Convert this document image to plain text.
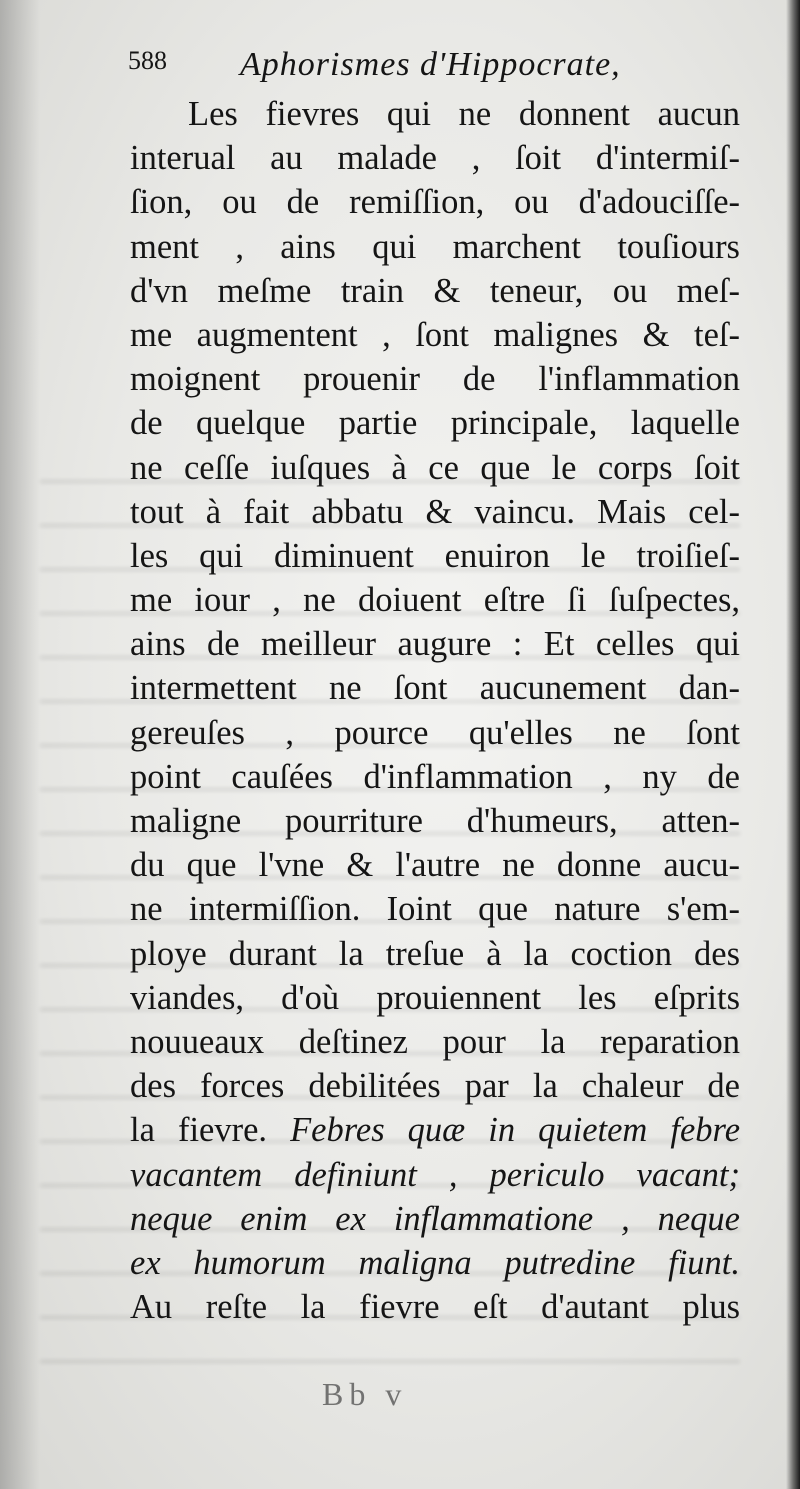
588 Aphorismes d'Hippocrate,
Les fievres qui ne donnent aucun
interual au malade , ſoit d'intermiſ-
ſion, ou de remiſſion, ou d'adouciſſe-
ment , ains qui marchent touſiours
d'vn meſme train & teneur, ou meſ-
me augmentent , ſont malignes & teſ-
moignent prouenir de l'inflammation
de quelque partie principale, laquelle
ne ceſſe iuſques à ce que le corps ſoit
tout à fait abbatu & vaincu. Mais cel-
les qui diminuent enuiron le troiſieſ-
me iour , ne doiuent eſtre ſi ſuſpectes,
ains de meilleur augure : Et celles qui
intermettent ne ſont aucunement dan-
gereuſes , pource qu'elles ne ſont
point cauſées d'inflammation , ny de
maligne pourriture d'humeurs, atten-
du que l'vne & l'autre ne donne aucu-
ne intermiſſion. Ioint que nature s'em-
ploye durant la treſue à la coction des
viandes, d'où prouiennent les eſprits
nouueaux deſtinez pour la reparation
des forces debilitées par la chaleur de
la fievre. Febres quæ in quietem febre
vacantem definiunt , periculo vacant;
neque enim ex inflammatione , neque
ex humorum maligna putredine fiunt.
Au reſte la fievre eſt d'autant plus
Bb v
